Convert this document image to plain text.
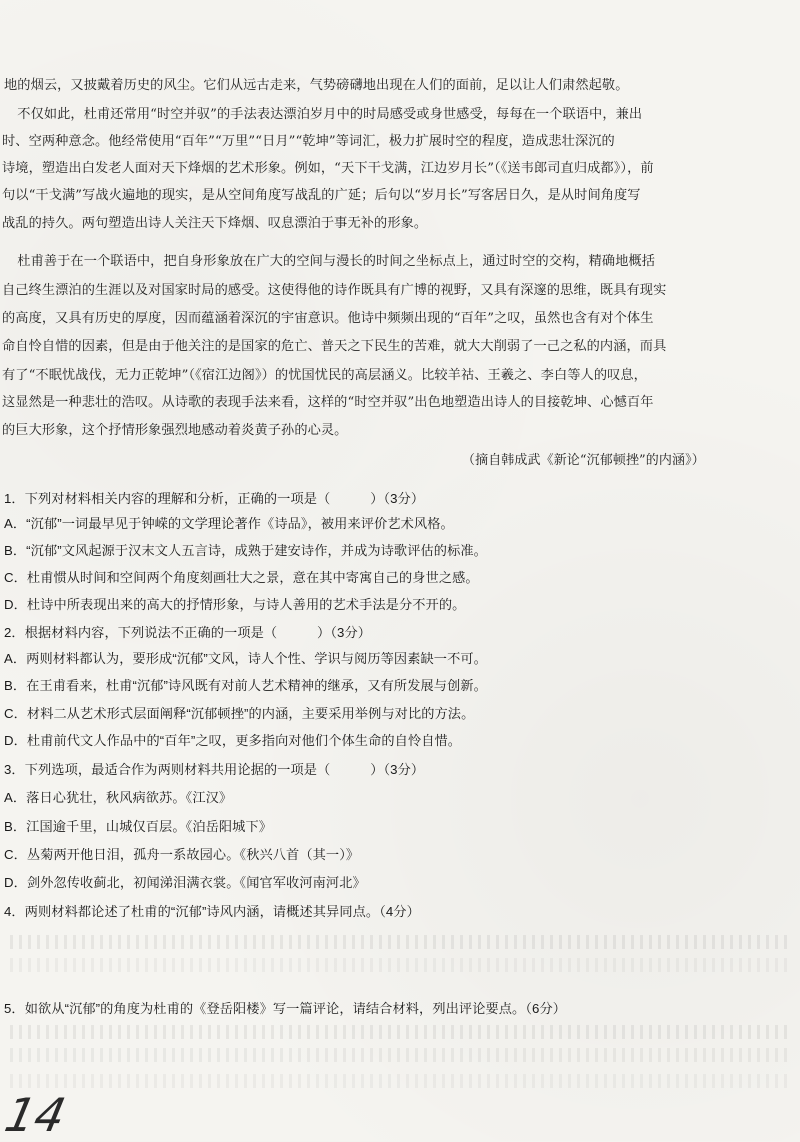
地的烟云，又披戴着历史的风尘。它们从远古走来，气势磅礴地出现在人们的面前，足以让人们肃然起敬。
　不仅如此，杜甫还常用“时空并驭”的手法表达漂泊岁月中的时局感受或身世感受，每每在一个联语中，兼出
时、空两种意念。他经常使用“百年”“万里”“日月”“乾坤”等词汇，极力扩展时空的程度，造成悲壮深沉的
诗境，塑造出白发老人面对天下烽烟的艺术形象。例如，“天下干戈满，江边岁月长”（《送韦郎司直归成都》），前
句以“干戈满”写战火遍地的现实，是从空间角度写战乱的广延；后句以“岁月长”写客居日久，是从时间角度写
战乱的持久。两句塑造出诗人关注天下烽烟、叹息漂泊于事无补的形象。
　杜甫善于在一个联语中，把自身形象放在广大的空间与漫长的时间之坐标点上，通过时空的交构，精确地概括
自己终生漂泊的生涯以及对国家时局的感受。这使得他的诗作既具有广博的视野，又具有深邃的思维，既具有现实
的高度，又具有历史的厚度，因而蕴涵着深沉的宇宙意识。他诗中频频出现的“百年”之叹，虽然也含有对个体生
命自怜自惜的因素，但是由于他关注的是国家的危亡、普天之下民生的苦难，就大大削弱了一己之私的内涵，而具
有了“不眠忧战伐，无力正乾坤”（《宿江边阁》）的忧国忧民的高层涵义。比较羊祜、王羲之、李白等人的叹息，
这显然是一种悲壮的浩叹。从诗歌的表现手法来看，这样的“时空并驭”出色地塑造出诗人的目接乾坤、心憾百年
的巨大形象，这个抒情形象强烈地感动着炎黄子孙的心灵。
（摘自韩成武《新论“沉郁顿挫”的内涵》）
1．下列对材料相关内容的理解和分析，正确的一项是（　　　）（3分）
A．“沉郁”一词最早见于钟嵘的文学理论著作《诗品》，被用来评价艺术风格。
B．“沉郁”文风起源于汉末文人五言诗，成熟于建安诗作，并成为诗歌评估的标准。
C．杜甫惯从时间和空间两个角度刻画壮大之景，意在其中寄寓自己的身世之感。
D．杜诗中所表现出来的高大的抒情形象，与诗人善用的艺术手法是分不开的。
2．根据材料内容，下列说法不正确的一项是（　　　）（3分）
A．两则材料都认为，要形成“沉郁”文风，诗人个性、学识与阅历等因素缺一不可。
B．在王甫看来，杜甫“沉郁”诗风既有对前人艺术精神的继承，又有所发展与创新。
C．材料二从艺术形式层面阐释“沉郁顿挫”的内涵，主要采用举例与对比的方法。
D．杜甫前代文人作品中的“百年”之叹，更多指向对他们个体生命的自怜自惜。
3．下列选项，最适合作为两则材料共用论据的一项是（　　　）（3分）
A．落日心犹壮，秋风病欲苏。《江汉》
B．江国逾千里，山城仅百层。《泊岳阳城下》
C．丛菊两开他日泪，孤舟一系故园心。《秋兴八首（其一）》
D．剑外忽传收蓟北，初闻涕泪满衣裳。《闻官军收河南河北》
4．两则材料都论述了杜甫的“沉郁”诗风内涵，请概述其异同点。（4分）
5．如欲从“沉郁”的角度为杜甫的《登岳阳楼》写一篇评论，请结合材料，列出评论要点。（6分）
14
